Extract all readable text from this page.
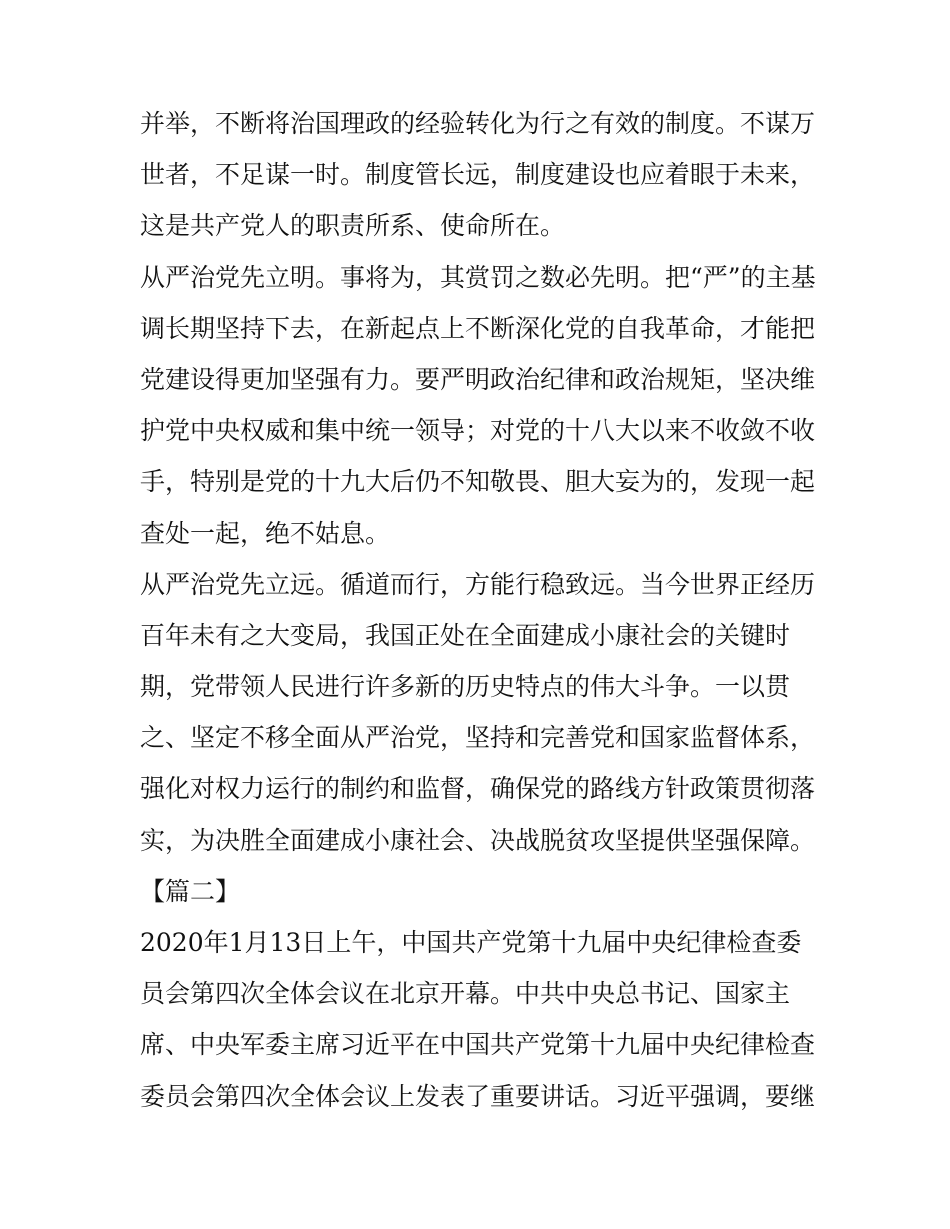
并举，不断将治国理政的经验转化为行之有效的制度。不谋万
世者，不足谋一时。制度管长远，制度建设也应着眼于未来，
这是共产党人的职责所系、使命所在。
从严治党先立明。事将为，其赏罚之数必先明。把“严”的主基
调长期坚持下去，在新起点上不断深化党的自我革命，才能把
党建设得更加坚强有力。要严明政治纪律和政治规矩，坚决维
护党中央权威和集中统一领导；对党的十八大以来不收敛不收
手，特别是党的十九大后仍不知敬畏、胆大妄为的，发现一起
查处一起，绝不姑息。
从严治党先立远。循道而行，方能行稳致远。当今世界正经历
百年未有之大变局，我国正处在全面建成小康社会的关键时
期，党带领人民进行许多新的历史特点的伟大斗争。一以贯
之、坚定不移全面从严治党，坚持和完善党和国家监督体系，
强化对权力运行的制约和监督，确保党的路线方针政策贯彻落
实，为决胜全面建成小康社会、决战脱贫攻坚提供坚强保障。
【篇二】
2020年1月13日上午，中国共产党第十九届中央纪律检查委
员会第四次全体会议在北京开幕。中共中央总书记、国家主
席、中央军委主席习近平在中国共产党第十九届中央纪律检查
委员会第四次全体会议上发表了重要讲话。习近平强调，要继
